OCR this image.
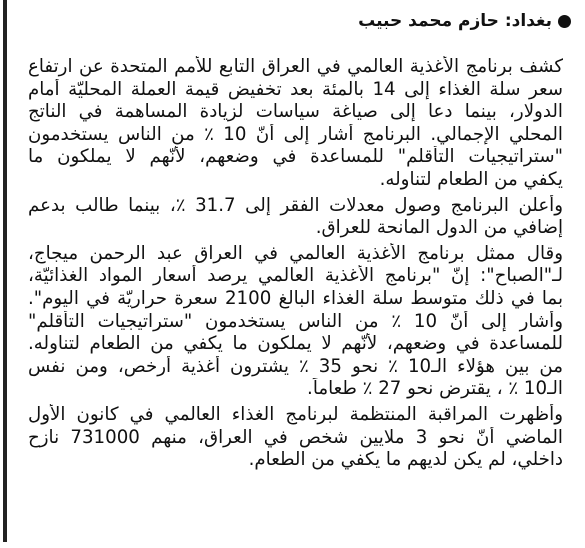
بغداد: حازم محمد حبيب
كشف برنامج الأغذية العالمي في العراق التابع للأمم المتحدة عن ارتفاع
سعر سلة الغذاء إلى 14 بالمئة بعد تخفيض قيمة العملة المحليّة أمام
الدولار، بينما دعا إلى صياغة سياسات لزيادة المساهمة في الناتج
المحلي الإجمالي. البرنامج أشار إلى أنّ 10 ٪ من الناس يستخدمون
"ستراتيجيات التأقلم" للمساعدة في وضعهم، لأنّهم لا يملكون ما
يكفي من الطعام لتناوله.
وأعلن البرنامج وصول معدلات الفقر إلى 31.7 ٪، بينما طالب بدعم
إضافي من الدول المانحة للعراق.
وقال ممثل برنامج الأغذية العالمي في العراق عبد الرحمن ميجاج،
لـ"الصباح": إنّ "برنامج الأغذية العالمي يرصد أسعار المواد الغذائيّة،
بما في ذلك متوسط سلة الغذاء البالغ 2100 سعرة حراريّة في اليوم".
وأشار إلى أنّ 10 ٪ من الناس يستخدمون "ستراتيجيات التأقلم"
للمساعدة في وضعهم، لأنّهم لا يملكون ما يكفي من الطعام لتناوله.
من بين هؤلاء الـ10 ٪ نحو 35 ٪ يشترون أغذية أرخص، ومن نفس
الـ10 ٪ ، يقترض نحو 27 ٪ طعاماً.
وأظهرت المراقبة المنتظمة لبرنامج الغذاء العالمي في كانون الأول
الماضي أنّ نحو 3 ملايين شخص في العراق، منهم 731000 نازح
داخلي، لم يكن لديهم ما يكفي من الطعام.
